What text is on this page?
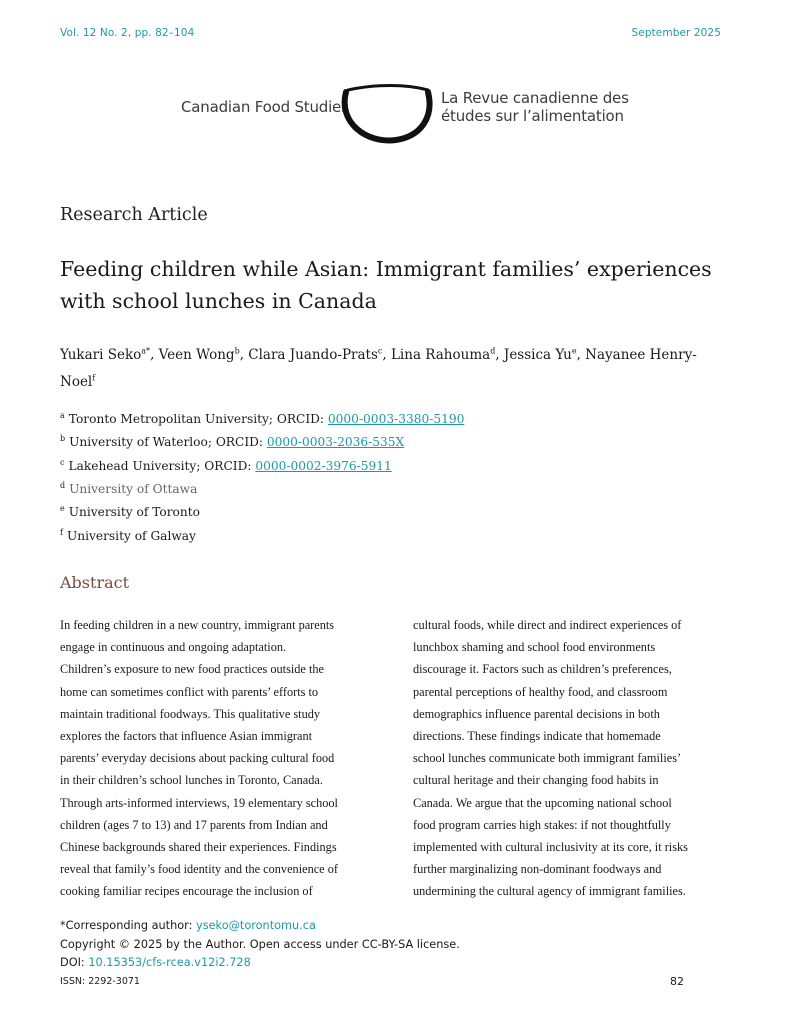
Vol. 12 No. 2, pp. 82–104	September 2025
Canadian Food Studies	La Revue canadienne des
études sur l’alimentation
Research Article
Feeding children while Asian: Immigrant families’ experiences with school lunches in Canada
Yukari Seko$^{a*}$, Veen Wong$^b$, Clara Juando-Prats$^c$, Lina Rahouma$^d$, Jessica Yu$^e$, Nayanee Henry-Noel$^f$
$^a$ Toronto Metropolitan University; ORCID: 0000-0003-3380-5190
$^b$ University of Waterloo; ORCID: 0000-0003-2036-535X
$^c$ Lakehead University; ORCID: 0000-0002-3976-5911
$^d$ University of Ottawa
$^e$ University of Toronto
$^f$ University of Galway
Abstract
In feeding children in a new country, immigrant parents
engage in continuous and ongoing adaptation.
Children’s exposure to new food practices outside the
home can sometimes conflict with parents’ efforts to
maintain traditional foodways. This qualitative study
explores the factors that influence Asian immigrant
parents’ everyday decisions about packing cultural food
in their children’s school lunches in Toronto, Canada.
Through arts-informed interviews, 19 elementary school
children (ages 7 to 13) and 17 parents from Indian and
Chinese backgrounds shared their experiences. Findings
reveal that family’s food identity and the convenience of
cooking familiar recipes encourage the inclusion of
cultural foods, while direct and indirect experiences of
lunchbox shaming and school food environments
discourage it. Factors such as children’s preferences,
parental perceptions of healthy food, and classroom
demographics influence parental decisions in both
directions. These findings indicate that homemade
school lunches communicate both immigrant families’
cultural heritage and their changing food habits in
Canada. We argue that the upcoming national school
food program carries high stakes: if not thoughtfully
implemented with cultural inclusivity at its core, it risks
further marginalizing non-dominant foodways and
undermining the cultural agency of immigrant families.
*Corresponding author: yseko@torontomu.ca
Copyright © 2025 by the Author. Open access under CC-BY-SA license.
DOI: 10.15353/cfs-rcea.v12i2.728
ISSN: 2292-3071	82
